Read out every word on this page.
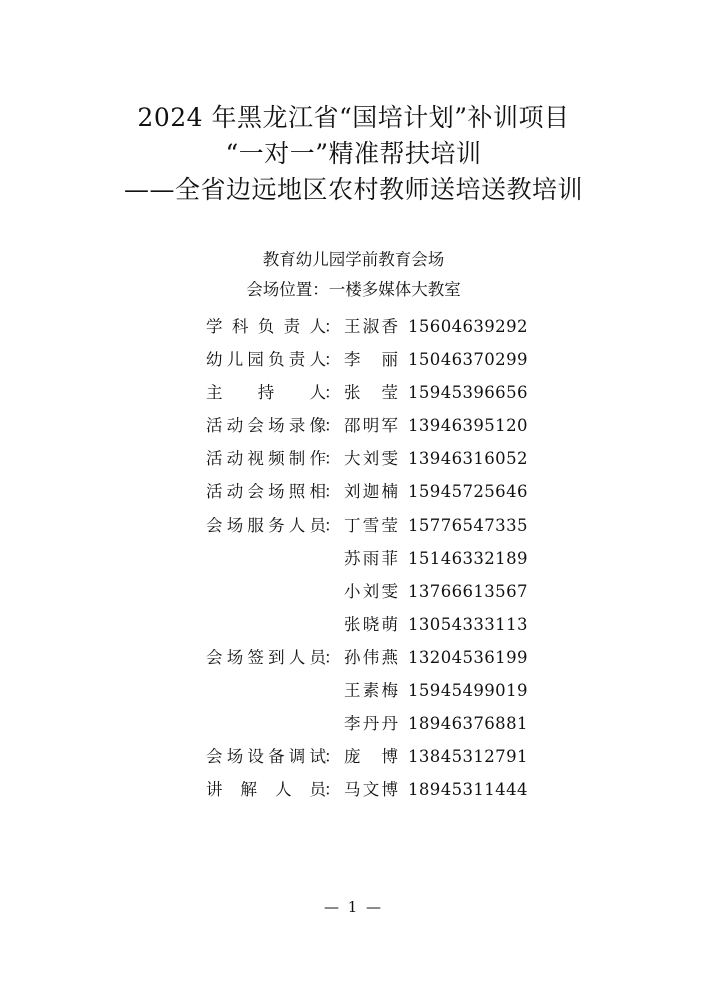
2024 年黑龙江省“国培计划”补训项目
“一对一”精准帮扶培训
——全省边远地区农村教师送培送教培训
教育幼儿园学前教育会场
会场位置：一楼多媒体大教室
学科负责人
： 王淑香 15604639292
幼儿园负责人
： 李丽 15046370299
主持人
： 张莹 15945396656
活动会场录像
： 邵明军 13946395120
活动视频制作
： 大刘雯 13946316052
活动会场照相
： 刘迦楠 15945725646
会场服务人员
： 丁雪莹 15776547335
苏雨菲 15146332189
小刘雯 13766613567
张晓萌 13054333113
会场签到人员
： 孙伟燕 13204536199
王素梅 15945499019
李丹丹 18946376881
会场设备调试
： 庞博 13845312791
讲解人员
： 马文博 18945311444
— 1 —
